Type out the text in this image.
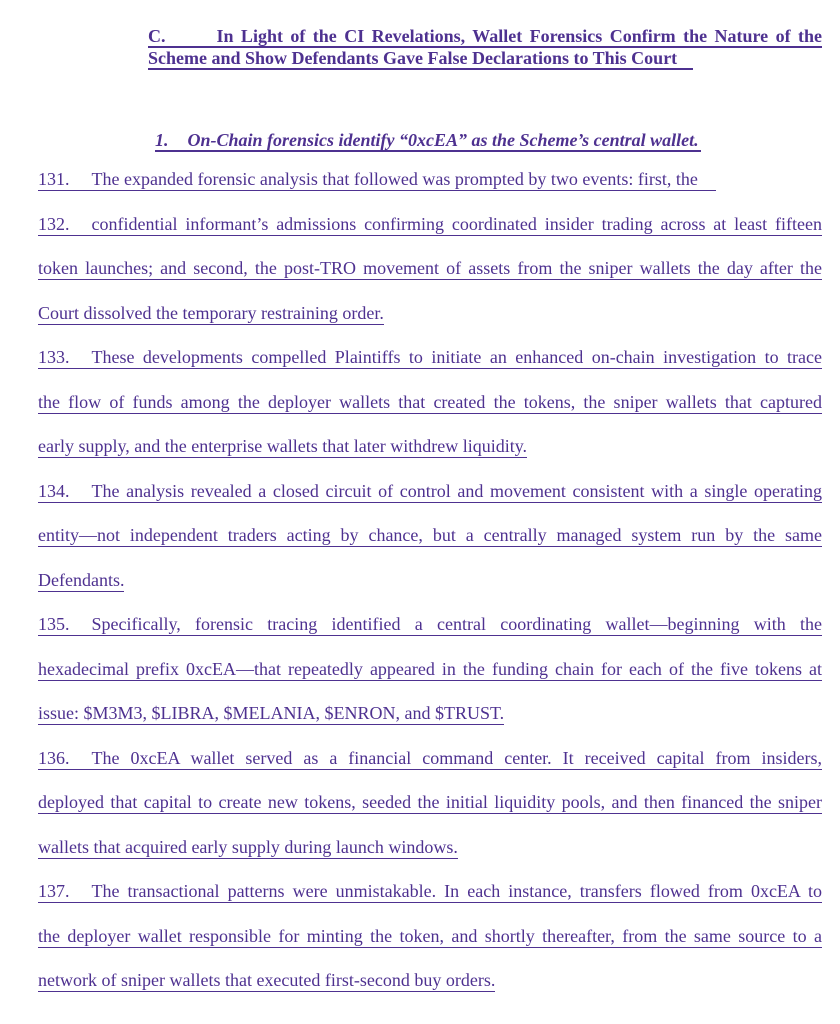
C.	In Light of the CI Revelations, Wallet Forensics Confirm the Nature of the
Scheme and Show Defendants Gave False Declarations to This Court
1. On-Chain forensics identify “0xcEA” as the Scheme’s central wallet.
131. The expanded forensic analysis that followed was prompted by two events: first, the
132. confidential informant’s admissions confirming coordinated insider trading across at least fifteen
token launches; and second, the post-TRO movement of assets from the sniper wallets the day after the
Court dissolved the temporary restraining order.
133. These developments compelled Plaintiffs to initiate an enhanced on-chain investigation to trace
the flow of funds among the deployer wallets that created the tokens, the sniper wallets that captured
early supply, and the enterprise wallets that later withdrew liquidity.
134. The analysis revealed a closed circuit of control and movement consistent with a single operating
entity—not independent traders acting by chance, but a centrally managed system run by the same
Defendants.
135. Specifically, forensic tracing identified a central coordinating wallet—beginning with the
hexadecimal prefix 0xcEA—that repeatedly appeared in the funding chain for each of the five tokens at
issue: $M3M3, $LIBRA, $MELANIA, $ENRON, and $TRUST.
136. The 0xcEA wallet served as a financial command center. It received capital from insiders,
deployed that capital to create new tokens, seeded the initial liquidity pools, and then financed the sniper
wallets that acquired early supply during launch windows.
137. The transactional patterns were unmistakable. In each instance, transfers flowed from 0xcEA to
the deployer wallet responsible for minting the token, and shortly thereafter, from the same source to a
network of sniper wallets that executed first-second buy orders.
